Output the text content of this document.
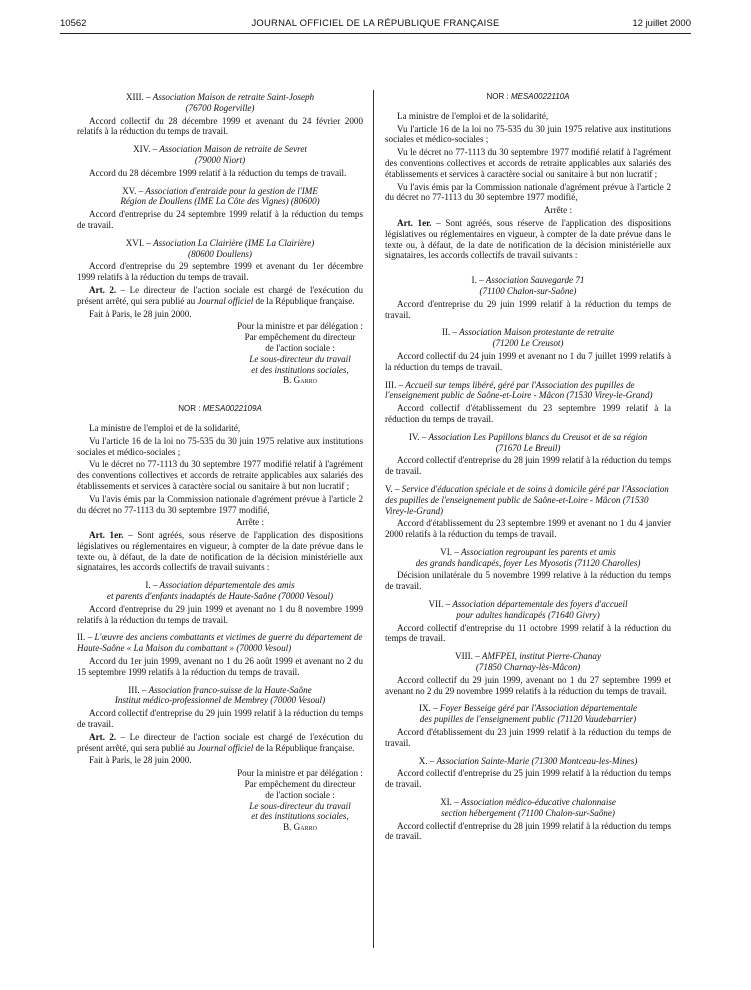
10562	JOURNAL OFFICIEL DE LA RÉPUBLIQUE FRANÇAISE	12 juillet 2000
XIII. – Association Maison de retraite Saint-Joseph
(76700 Rogerville)
Accord collectif du 28 décembre 1999 et avenant du 24 février 2000 relatifs à la réduction du temps de travail.
XIV. – Association Maison de retraite de Sevret
(79000 Niort)
Accord du 28 décembre 1999 relatif à la réduction du temps de travail.
XV. – Association d'entraide pour la gestion de l'IME
Région de Doullens (IME La Côte des Vignes) (80600)
Accord d'entreprise du 24 septembre 1999 relatif à la réduction du temps de travail.
XVI. – Association La Clairière (IME La Clairière)
(80600 Doullens)
Accord d'entreprise du 29 septembre 1999 et avenant du 1er décembre 1999 relatifs à la réduction du temps de travail.
Art. 2. – Le directeur de l'action sociale est chargé de l'exécution du présent arrêté, qui sera publié au Journal officiel de la République française.
Fait à Paris, le 28 juin 2000.
Pour la ministre et par délégation :
Par empêchement du directeur
de l'action sociale :
Le sous-directeur du travail
et des institutions sociales,
B. Garro
NOR : MESA0022109A
La ministre de l'emploi et de la solidarité,
Vu l'article 16 de la loi no 75-535 du 30 juin 1975 relative aux institutions sociales et médico-sociales ;
Vu le décret no 77-1113 du 30 septembre 1977 modifié relatif à l'agrément des conventions collectives et accords de retraite applicables aux salariés des établissements et services à caractère social ou sanitaire à but non lucratif ;
Vu l'avis émis par la Commission nationale d'agrément prévue à l'article 2 du décret no 77-1113 du 30 septembre 1977 modifié,
Arrête :
Art. 1er. – Sont agréés, sous réserve de l'application des dispositions législatives ou réglementaires en vigueur, à compter de la date prévue dans le texte ou, à défaut, de la date de notification de la décision ministérielle aux signataires, les accords collectifs de travail suivants :
I. – Association départementale des amis
et parents d'enfants inadaptés de Haute-Saône (70000 Vesoul)
Accord d'entreprise du 29 juin 1999 et avenant no 1 du 8 novembre 1999 relatifs à la réduction du temps de travail.
II. – L'œuvre des anciens combattants et victimes de guerre du département de Haute-Saône « La Maison du combattant » (70000 Vesoul)
Accord du 1er juin 1999, avenant no 1 du 26 août 1999 et avenant no 2 du 15 septembre 1999 relatifs à la réduction du temps de travail.
III. – Association franco-suisse de la Haute-Saône
Institut médico-professionnel de Membrey (70000 Vesoul)
Accord collectif d'entreprise du 29 juin 1999 relatif à la réduction du temps de travail.
Art. 2. – Le directeur de l'action sociale est chargé de l'exécution du présent arrêté, qui sera publié au Journal officiel de la République française.
Fait à Paris, le 28 juin 2000.
Pour la ministre et par délégation :
Par empêchement du directeur
de l'action sociale :
Le sous-directeur du travail
et des institutions sociales,
B. Garro
NOR : MESA0022110A
La ministre de l'emploi et de la solidarité,
Vu l'article 16 de la loi no 75-535 du 30 juin 1975 relative aux institutions sociales et médico-sociales ;
Vu le décret no 77-1113 du 30 septembre 1977 modifié relatif à l'agrément des conventions collectives et accords de retraite applicables aux salariés des établissements et services à caractère social ou sanitaire à but non lucratif ;
Vu l'avis émis par la Commission nationale d'agrément prévue à l'article 2 du décret no 77-1113 du 30 septembre 1977 modifié,
Arrête :
Art. 1er. – Sont agréés, sous réserve de l'application des dispositions législatives ou réglementaires en vigueur, à compter de la date prévue dans le texte ou, à défaut, de la date de notification de la décision ministérielle aux signataires, les accords collectifs de travail suivants :
I. – Association Sauvegarde 71
(71100 Chalon-sur-Saône)
Accord d'entreprise du 29 juin 1999 relatif à la réduction du temps de travail.
II. – Association Maison protestante de retraite
(71200 Le Creusot)
Accord collectif du 24 juin 1999 et avenant no 1 du 7 juillet 1999 relatifs à la réduction du temps de travail.
III. – Accueil sur temps libéré, géré par l'Association des pupilles de l'enseignement public de Saône-et-Loire - Mâcon (71530 Virey-le-Grand)
Accord collectif d'établissement du 23 septembre 1999 relatif à la réduction du temps de travail.
IV. – Association Les Papillons blancs du Creusot et de sa région
(71670 Le Breuil)
Accord collectif d'entreprise du 28 juin 1999 relatif à la réduction du temps de travail.
V. – Service d'éducation spéciale et de soins à domicile géré par l'Association des pupilles de l'enseignement public de Saône-et-Loire - Mâcon (71530 Virey-le-Grand)
Accord d'établissement du 23 septembre 1999 et avenant no 1 du 4 janvier 2000 relatifs à la réduction du temps de travail.
VI. – Association regroupant les parents et amis
des grands handicapés, foyer Les Myosotis (71120 Charolles)
Décision unilatérale du 5 novembre 1999 relative à la réduction du temps de travail.
VII. – Association départementale des foyers d'accueil
pour adultes handicapés (71640 Givry)
Accord collectif d'entreprise du 11 octobre 1999 relatif à la réduction du temps de travail.
VIII. – AMFPEI, institut Pierre-Chanay
(71850 Charnay-lès-Mâcon)
Accord collectif du 29 juin 1999, avenant no 1 du 27 septembre 1999 et avenant no 2 du 29 novembre 1999 relatifs à la réduction du temps de travail.
IX. – Foyer Besseige géré par l'Association départementale
des pupilles de l'enseignement public (71120 Vaudebarrier)
Accord d'établissement du 23 juin 1999 relatif à la réduction du temps de travail.
X. – Association Sainte-Marie (71300 Montceau-les-Mines)
Accord collectif d'entreprise du 25 juin 1999 relatif à la réduction du temps de travail.
XI. – Association médico-éducative chalonnaise
section hébergement (71100 Chalon-sur-Saône)
Accord collectif d'entreprise du 28 juin 1999 relatif à la réduction du temps de travail.
